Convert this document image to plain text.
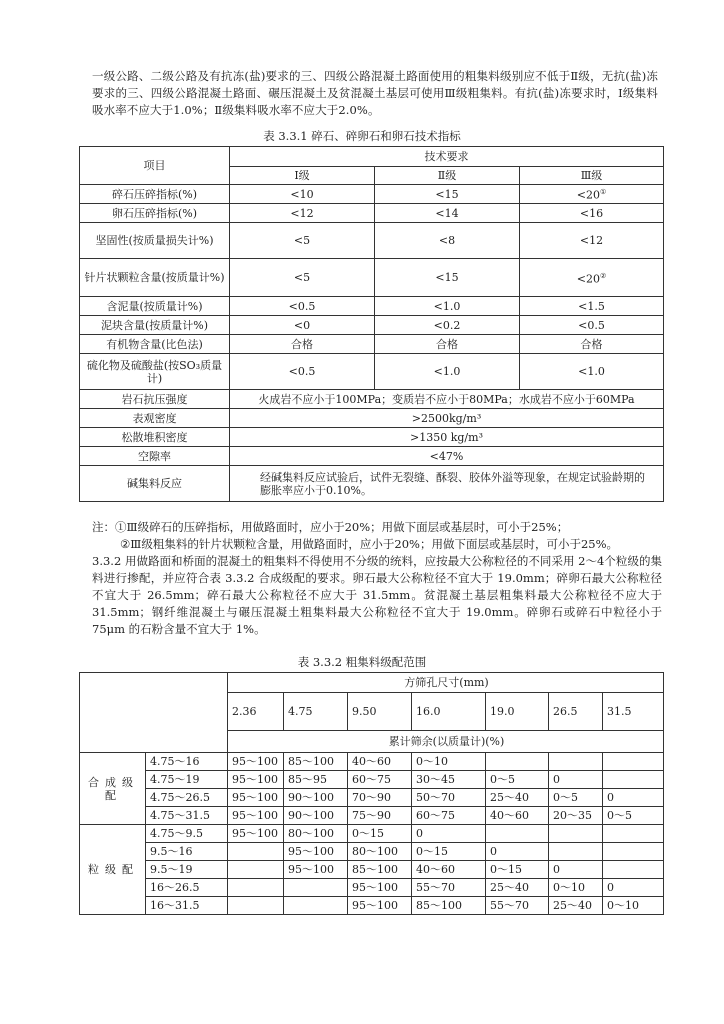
一级公路、二级公路及有抗冻(盐)要求的三、四级公路混凝土路面使用的粗集料级别应不低于Ⅱ级，无抗(盐)冻要求的三、四级公路混凝土路面、碾压混凝土及贫混凝土基层可使用Ⅲ级粗集料。有抗(盐)冻要求时，Ⅰ级集料吸水率不应大于1.0%；Ⅱ级集料吸水率不应大于2.0%。

表 3.3.1 碎石、碎卵石和卵石技术指标
项目	技术要求		
	Ⅰ级	Ⅱ级	Ⅲ级
碎石压碎指标(%)	<10	<15	<20①
卵石压碎指标(%)	<12	<14	<16
坚固性(按质量损失计%)	<5	<8	<12
针片状颗粒含量(按质量计%)	<5	<15	<20②
含泥量(按质量计%)	<0.5	<1.0	<1.5
泥块含量(按质量计%)	<0	<0.2	<0.5
有机物含量(比色法)	合格	合格	合格
硫化物及硫酸盐(按SO₃质量计)	<0.5	<1.0	<1.0
岩石抗压强度	火成岩不应小于100MPa；变质岩不应小于80MPa；水成岩不应小于60MPa		
表观密度	>2500kg/m³		
松散堆积密度	>1350 kg/m³		
空隙率	<47%		
碱集料反应	经碱集料反应试验后，试件无裂缝、酥裂、胶体外溢等现象，在规定试验龄期的膨胀率应小于0.10%。		

注：①Ⅲ级碎石的压碎指标，用做路面时，应小于20%；用做下面层或基层时，可小于25%；

②Ⅲ级粗集料的针片状颗粒含量，用做路面时，应小于20%；用做下面层或基层时，可小于25%。

3.3.2 用做路面和桥面的混凝土的粗集料不得使用不分级的统料，应按最大公称粒径的不同采用 2～4个粒级的集料进行掺配，并应符合表 3.3.2 合成级配的要求。卵石最大公称粒径不宜大于 19.0mm；碎卵石最大公称粒径不宜大于 26.5mm；碎石最大公称粒径不应大于 31.5mm。贫混凝土基层粗集料最大公称粒径不应大于 31.5mm；钢纤维混凝土与碾压混凝土粗集料最大公称粒径不宜大于 19.0mm。碎卵石或碎石中粒径小于 75μm 的石粉含量不宜大于 1%。

表 3.3.2 粗集料级配范围
		方筛孔尺寸(mm)						
		2.36	4.75	9.50	16.0	19.0	26.5	31.5
		累计筛余(以质量计)(%)						
合成级配	4.75～16	95～100	85～100	40～60	0～10			
	4.75～19	95～100	85～95	60～75	30～45	0～5	0	
	4.75～26.5	95～100	90～100	70～90	50～70	25～40	0～5	0
	4.75～31.5	95～100	90～100	75～90	60～75	40～60	20～35	0～5
粒级配	4.75～9.5	95～100	80～100	0～15	0			
	9.5～16		95～100	80～100	0～15	0		
	9.5～19		95～100	85～100	40～60	0～15	0	
	16～26.5			95～100	55～70	25～40	0～10	0
	16～31.5			95～100	85～100	55～70	25～40	0～10
